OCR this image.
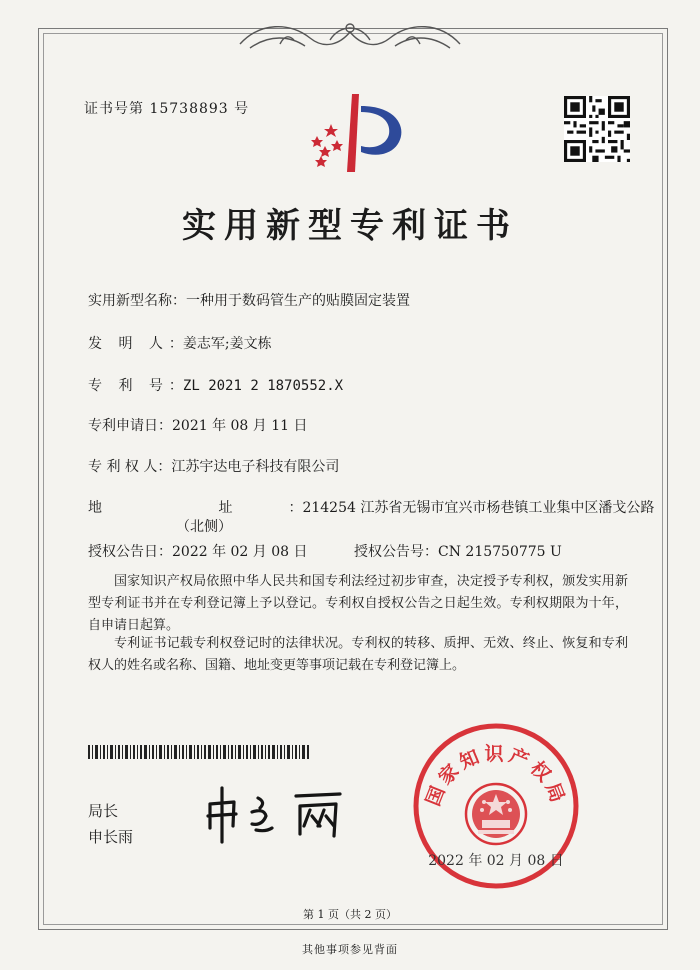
证书号第 15738893 号
实用新型专利证书
实用新型名称：一种用于数码管生产的贴膜固定装置
发 明 人：姜志军;姜文栋
专 利 号：ZL 2021 2 1870552.X
专利申请日：2021 年 08 月 11 日
专 利 权 人：江苏宇达电子科技有限公司
地 址：214254 江苏省无锡市宜兴市杨巷镇工业集中区潘戈公路
（北侧）
授权公告日：2022 年 02 月 08 日	授权公告号：CN 215750775 U
国家知识产权局依照中华人民共和国专利法经过初步审查，决定授予专利权，颁发实用新型专利证书并在专利登记簿上予以登记。专利权自授权公告之日起生效。专利权期限为十年，自申请日起算。
专利证书记载专利权登记时的法律状况。专利权的转移、质押、无效、终止、恢复和专利权人的姓名或名称、国籍、地址变更等事项记载在专利登记簿上。
局长
申长雨
国家知识产权局
2022 年 02 月 08 日
第 1 页（共 2 页）
其他事项参见背面
